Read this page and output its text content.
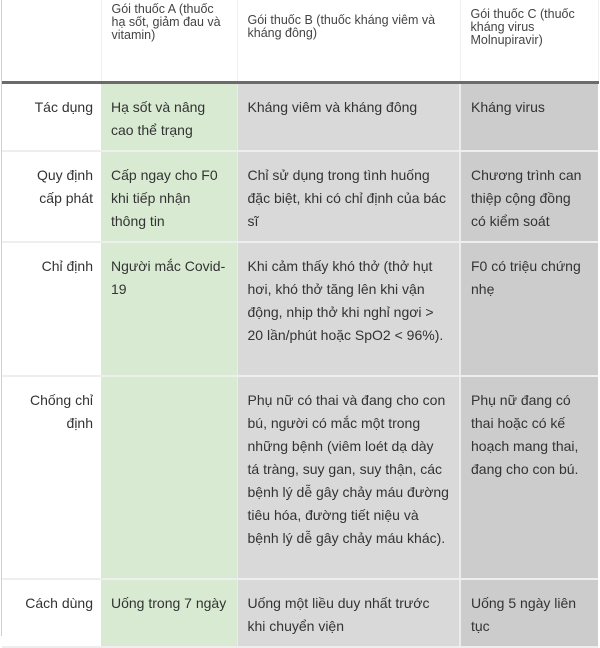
	Gói thuốc A (thuốc hạ sốt, giảm đau và vitamin)	Gói thuốc B (thuốc kháng viêm và kháng đông)	Gói thuốc C (thuốc kháng virus Molnupiravir)
Tác dụng	Hạ sốt và nâng cao thể trạng	Kháng viêm và kháng đông	Kháng virus
Quy định cấp phát	Cấp ngay cho F0 khi tiếp nhận thông tin	Chỉ sử dụng trong tình huống đặc biệt, khi có chỉ định của bác sĩ	Chương trình can thiệp cộng đồng có kiểm soát
Chỉ định	Người mắc Covid-19	Khi cảm thấy khó thở (thở hụt hơi, khó thở tăng lên khi vận động, nhịp thở khi nghỉ ngơi > 20 lần/phút hoặc SpO2 < 96%).	F0 có triệu chứng nhẹ
Chống chỉ định		Phụ nữ có thai và đang cho con bú, người có mắc một trong những bệnh (viêm loét dạ dày tá tràng, suy gan, suy thận, các bệnh lý dễ gây chảy máu đường tiêu hóa, đường tiết niệu và bệnh lý dễ gây chảy máu khác).	Phụ nữ đang có thai hoặc có kế hoạch mang thai, đang cho con bú.
Cách dùng	Uống trong 7 ngày	Uống một liều duy nhất trước khi chuyển viện	Uống 5 ngày liên tục
